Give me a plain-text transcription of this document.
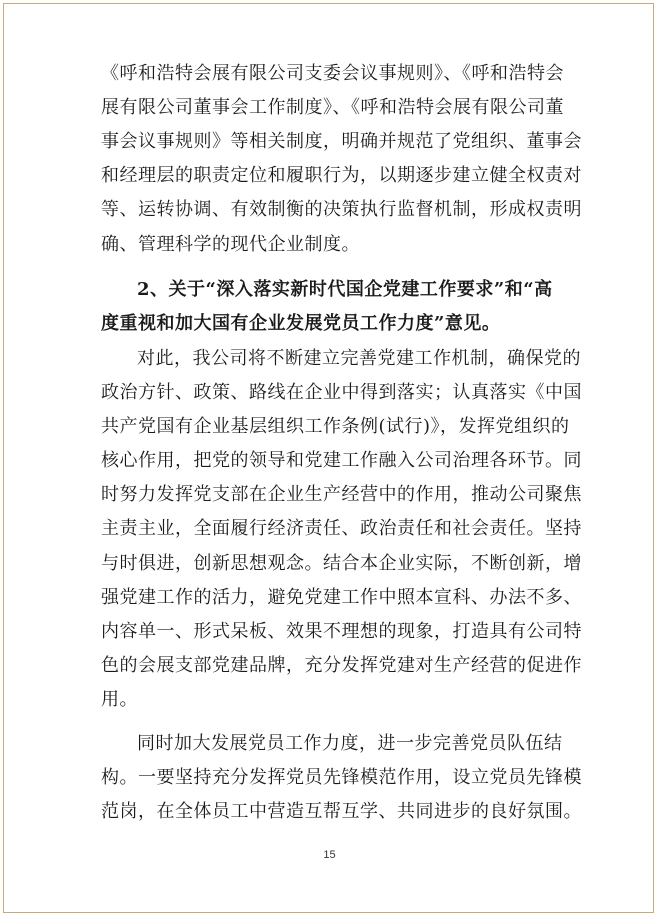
《呼和浩特会展有限公司支委会议事规则》、《呼和浩特会
展有限公司董事会工作制度》、《呼和浩特会展有限公司董
事会议事规则》等相关制度，明确并规范了党组织、董事会
和经理层的职责定位和履职行为，以期逐步建立健全权责对
等、运转协调、有效制衡的决策执行监督机制，形成权责明
确、管理科学的现代企业制度。
2、关于“深入落实新时代国企党建工作要求”和“高
度重视和加大国有企业发展党员工作力度”意见。
对此，我公司将不断建立完善党建工作机制，确保党的
政治方针、政策、路线在企业中得到落实；认真落实《中国
共产党国有企业基层组织工作条例(试行)》，发挥党组织的
核心作用，把党的领导和党建工作融入公司治理各环节。同
时努力发挥党支部在企业生产经营中的作用，推动公司聚焦
主责主业，全面履行经济责任、政治责任和社会责任。坚持
与时俱进，创新思想观念。结合本企业实际，不断创新，增
强党建工作的活力，避免党建工作中照本宣科、办法不多、
内容单一、形式呆板、效果不理想的现象，打造具有公司特
色的会展支部党建品牌，充分发挥党建对生产经营的促进作
用。
同时加大发展党员工作力度，进一步完善党员队伍结
构。一要坚持充分发挥党员先锋模范作用，设立党员先锋模
范岗，在全体员工中营造互帮互学、共同进步的良好氛围。
15
